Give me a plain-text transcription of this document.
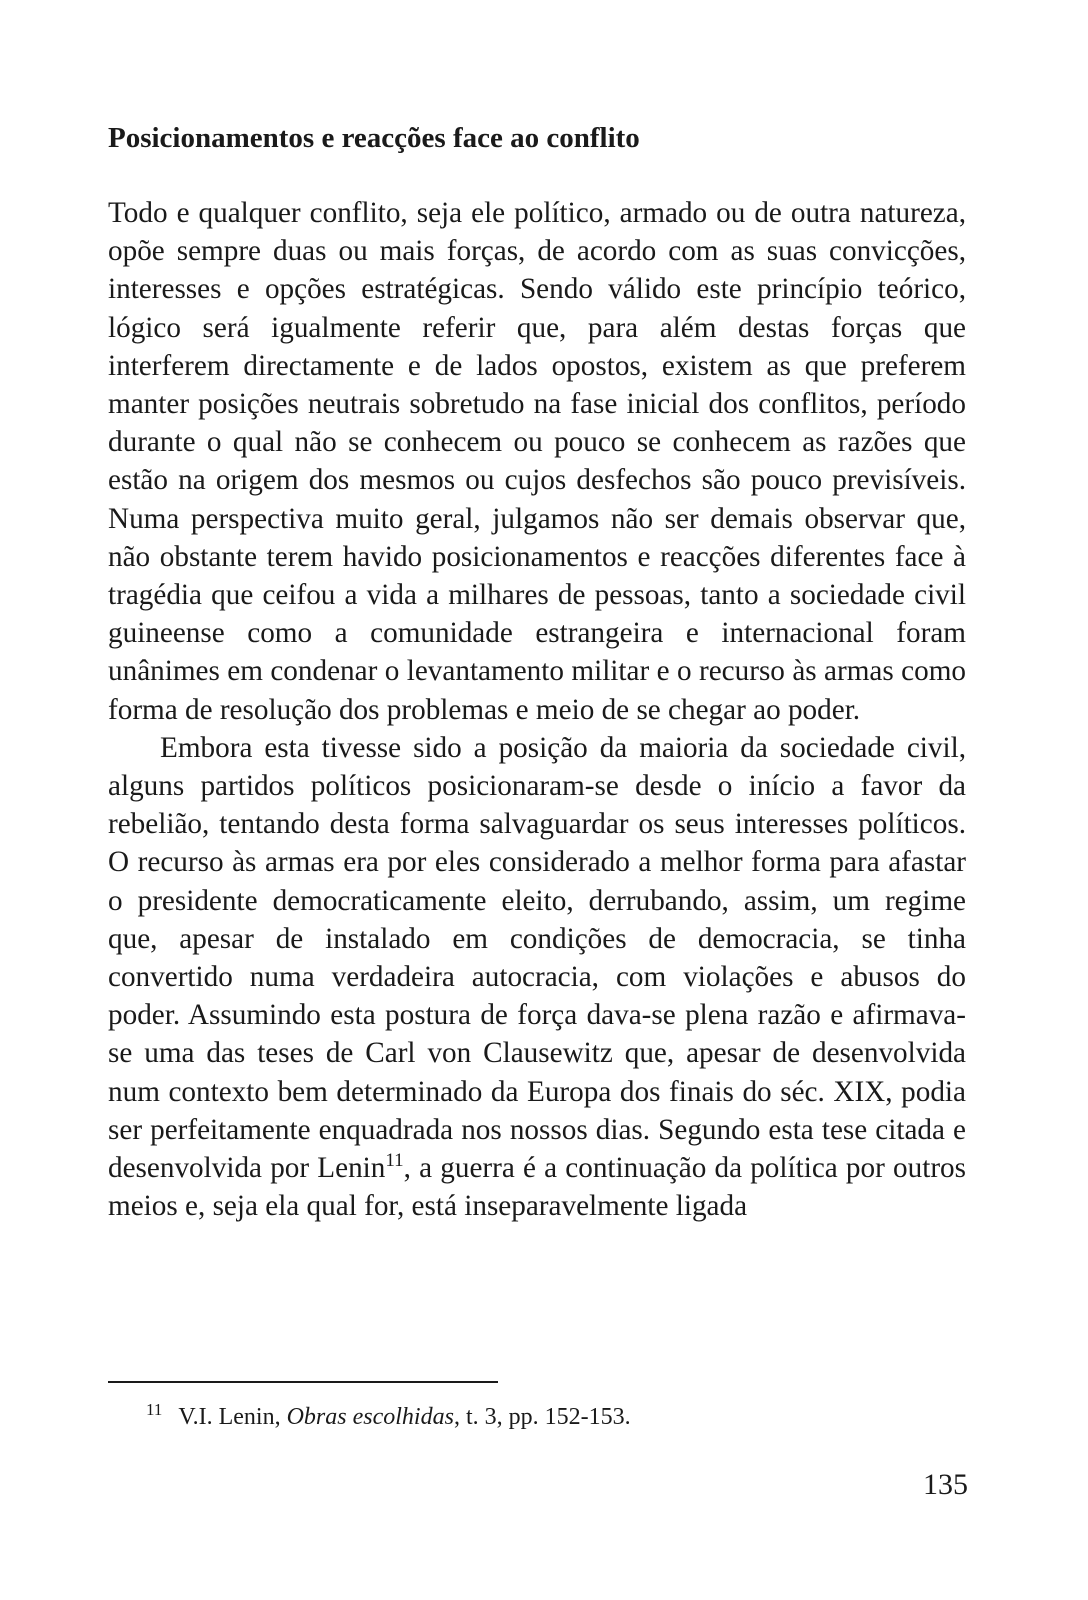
Posicionamentos e reacções face ao conflito

Todo e qualquer conflito, seja ele político, armado ou de outra natureza, opõe sempre duas ou mais forças, de acordo com as suas convicções, interesses e opções estratégicas. Sendo válido este princípio teórico, lógico será igualmente referir que, para além destas forças que interferem directamente e de lados opostos, existem as que preferem manter posições neutrais sobretudo na fase inicial dos conflitos, período durante o qual não se conhecem ou pouco se conhecem as razões que estão na origem dos mesmos ou cujos desfechos são pouco previsíveis. Numa perspectiva muito geral, julgamos não ser demais observar que, não obstante terem havido posicionamentos e reacções diferentes face à tragédia que ceifou a vida a milhares de pessoas, tanto a sociedade civil guineense como a comunidade estrangeira e internacional foram unânimes em condenar o levantamento militar e o recurso às armas como forma de resolução dos problemas e meio de se chegar ao poder.

Embora esta tivesse sido a posição da maioria da sociedade civil, alguns partidos políticos posicionaram-se desde o início a favor da rebelião, tentando desta forma salvaguardar os seus interesses políticos. O recurso às armas era por eles considerado a melhor forma para afastar o presidente democraticamente eleito, derrubando, assim, um regime que, apesar de instalado em condições de democracia, se tinha convertido numa verdadeira autocracia, com violações e abusos do poder. Assumindo esta postura de força dava-se plena razão e afirmava-se uma das teses de Carl von Clausewitz que, apesar de desenvolvida num contexto bem determinado da Europa dos finais do séc. XIX, podia ser perfeitamente enquadrada nos nossos dias. Segundo esta tese citada e desenvolvida por Lenin$^{11}$, a guerra é a continuação da política por outros meios e, seja ela qual for, está inseparavelmente ligada

$^{11}$ V.I. Lenin, Obras escolhidas, t. 3, pp. 152-153.
135
